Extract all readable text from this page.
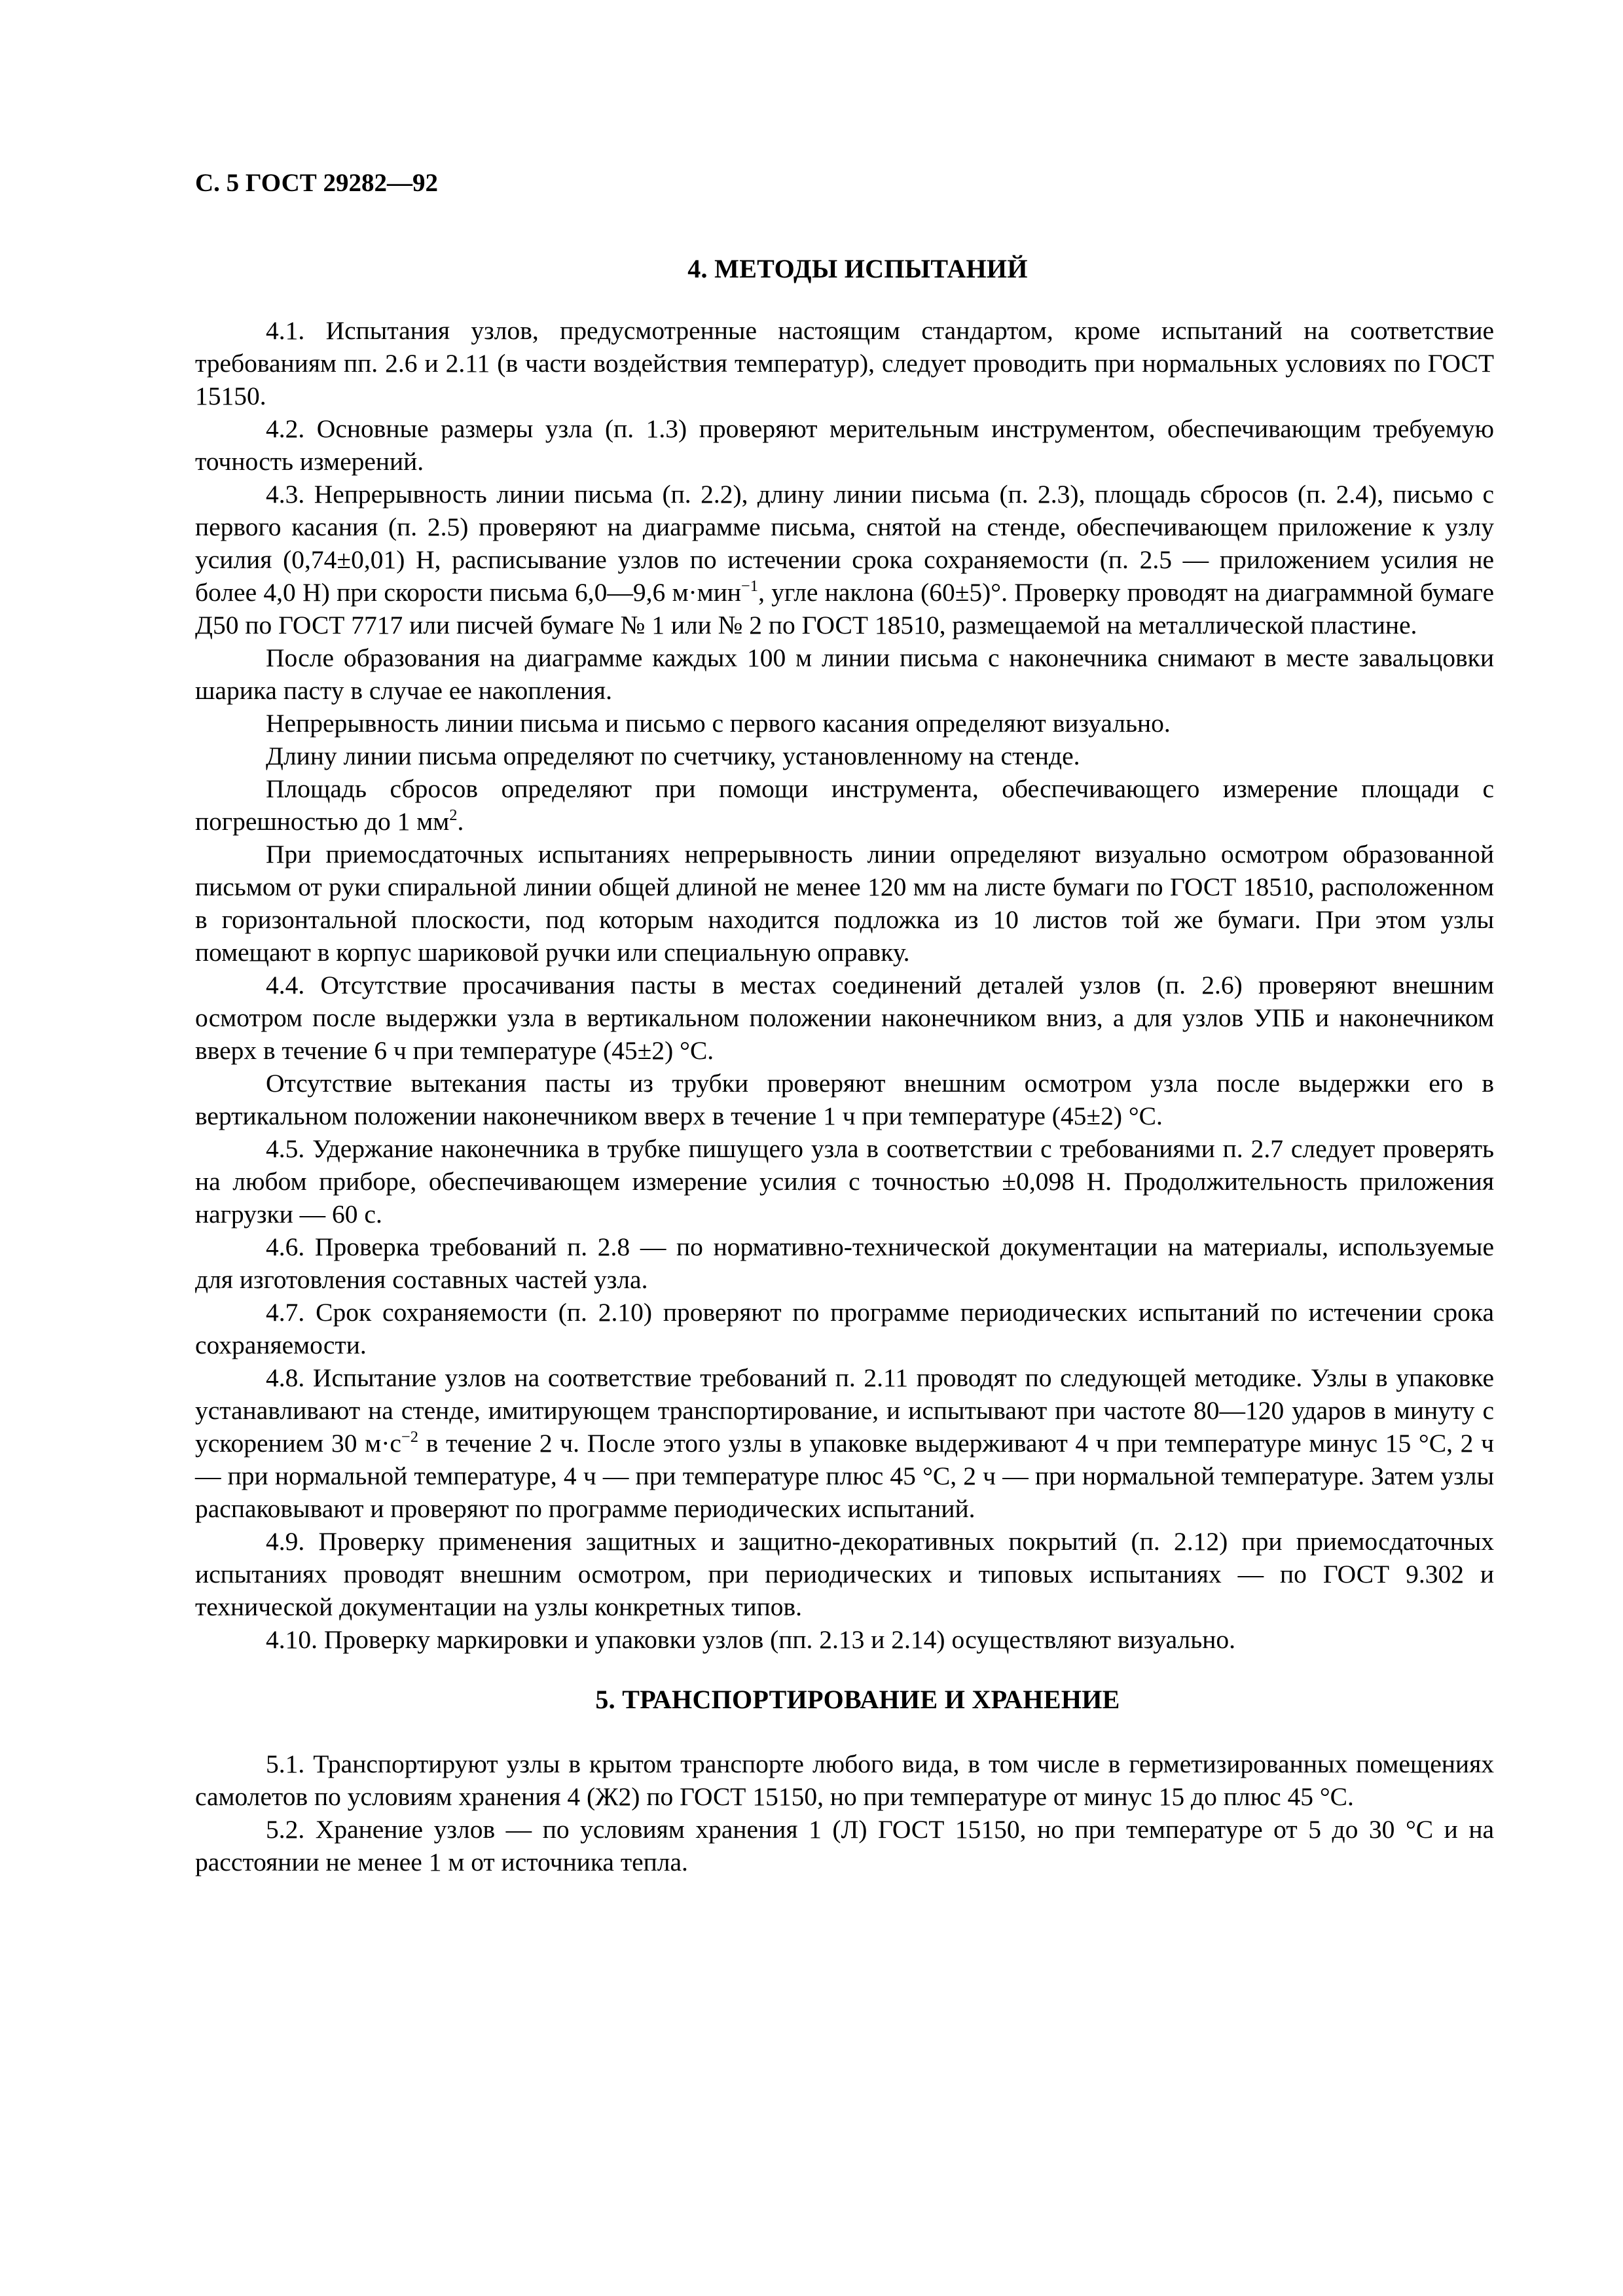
С. 5 ГОСТ 29282—92
4. МЕТОДЫ ИСПЫТАНИЙ

4.1. Испытания узлов, предусмотренные настоящим стандартом, кроме испытаний на соответствие требованиям пп. 2.6 и 2.11 (в части воздействия температур), следует проводить при нормальных условиях по ГОСТ 15150.

4.2. Основные размеры узла (п. 1.3) проверяют мерительным инструментом, обеспечивающим требуемую точность измерений.

4.3. Непрерывность линии письма (п. 2.2), длину линии письма (п. 2.3), площадь сбросов (п. 2.4), письмо с первого касания (п. 2.5) проверяют на диаграмме письма, снятой на стенде, обеспечивающем приложение к узлу усилия (0,74±0,01) Н, расписывание узлов по истечении срока сохраняемости (п. 2.5 — приложением усилия не более 4,0 Н) при скорости письма 6,0—9,6 м·мин$^{-1}$, угле наклона (60±5)°. Проверку проводят на диаграммной бумаге Д50 по ГОСТ 7717 или писчей бумаге № 1 или № 2 по ГОСТ 18510, размещаемой на металлической пластине.

После образования на диаграмме каждых 100 м линии письма с наконечника снимают в месте завальцовки шарика пасту в случае ее накопления.

Непрерывность линии письма и письмо с первого касания определяют визуально.

Длину линии письма определяют по счетчику, установленному на стенде.

Площадь сбросов определяют при помощи инструмента, обеспечивающего измерение площади с погрешностью до 1 $мм^2$.

При приемосдаточных испытаниях непрерывность линии определяют визуально осмотром образованной письмом от руки спиральной линии общей длиной не менее 120 мм на листе бумаги по ГОСТ 18510, расположенном в горизонтальной плоскости, под которым находится подложка из 10 листов той же бумаги. При этом узлы помещают в корпус шариковой ручки или специальную оправку.

4.4. Отсутствие просачивания пасты в местах соединений деталей узлов (п. 2.6) проверяют внешним осмотром после выдержки узла в вертикальном положении наконечником вниз, а для узлов УПБ и наконечником вверх в течение 6 ч при температуре (45±2) °С.

Отсутствие вытекания пасты из трубки проверяют внешним осмотром узла после выдержки его в вертикальном положении наконечником вверх в течение 1 ч при температуре (45±2) °С.

4.5. Удержание наконечника в трубке пишущего узла в соответствии с требованиями п. 2.7 следует проверять на любом приборе, обеспечивающем измерение усилия с точностью ±0,098 Н. Продолжительность приложения нагрузки — 60 с.

4.6. Проверка требований п. 2.8 — по нормативно-технической документации на материалы, используемые для изготовления составных частей узла.

4.7. Срок сохраняемости (п. 2.10) проверяют по программе периодических испытаний по истечении срока сохраняемости.

4.8. Испытание узлов на соответствие требований п. 2.11 проводят по следующей методике. Узлы в упаковке устанавливают на стенде, имитирующем транспортирование, и испытывают при частоте 80—120 ударов в минуту с ускорением 30 $м\cdot с^{-2}$ в течение 2 ч. После этого узлы в упаковке выдерживают 4 ч при температуре минус 15 °С, 2 ч — при нормальной температуре, 4 ч — при температуре плюс 45 °С, 2 ч — при нормальной температуре. Затем узлы распаковывают и проверяют по программе периодических испытаний.

4.9. Проверку применения защитных и защитно-декоративных покрытий (п. 2.12) при приемосдаточных испытаниях проводят внешним осмотром, при периодических и типовых испытаниях — по ГОСТ 9.302 и технической документации на узлы конкретных типов.

4.10. Проверку маркировки и упаковки узлов (пп. 2.13 и 2.14) осуществляют визуально.

5. ТРАНСПОРТИРОВАНИЕ И ХРАНЕНИЕ

5.1. Транспортируют узлы в крытом транспорте любого вида, в том числе в герметизированных помещениях самолетов по условиям хранения 4 (Ж2) по ГОСТ 15150, но при температуре от минус 15 до плюс 45 °С.

5.2. Хранение узлов — по условиям хранения 1 (Л) ГОСТ 15150, но при температуре от 5 до 30 °С и на расстоянии не менее 1 м от источника тепла.
